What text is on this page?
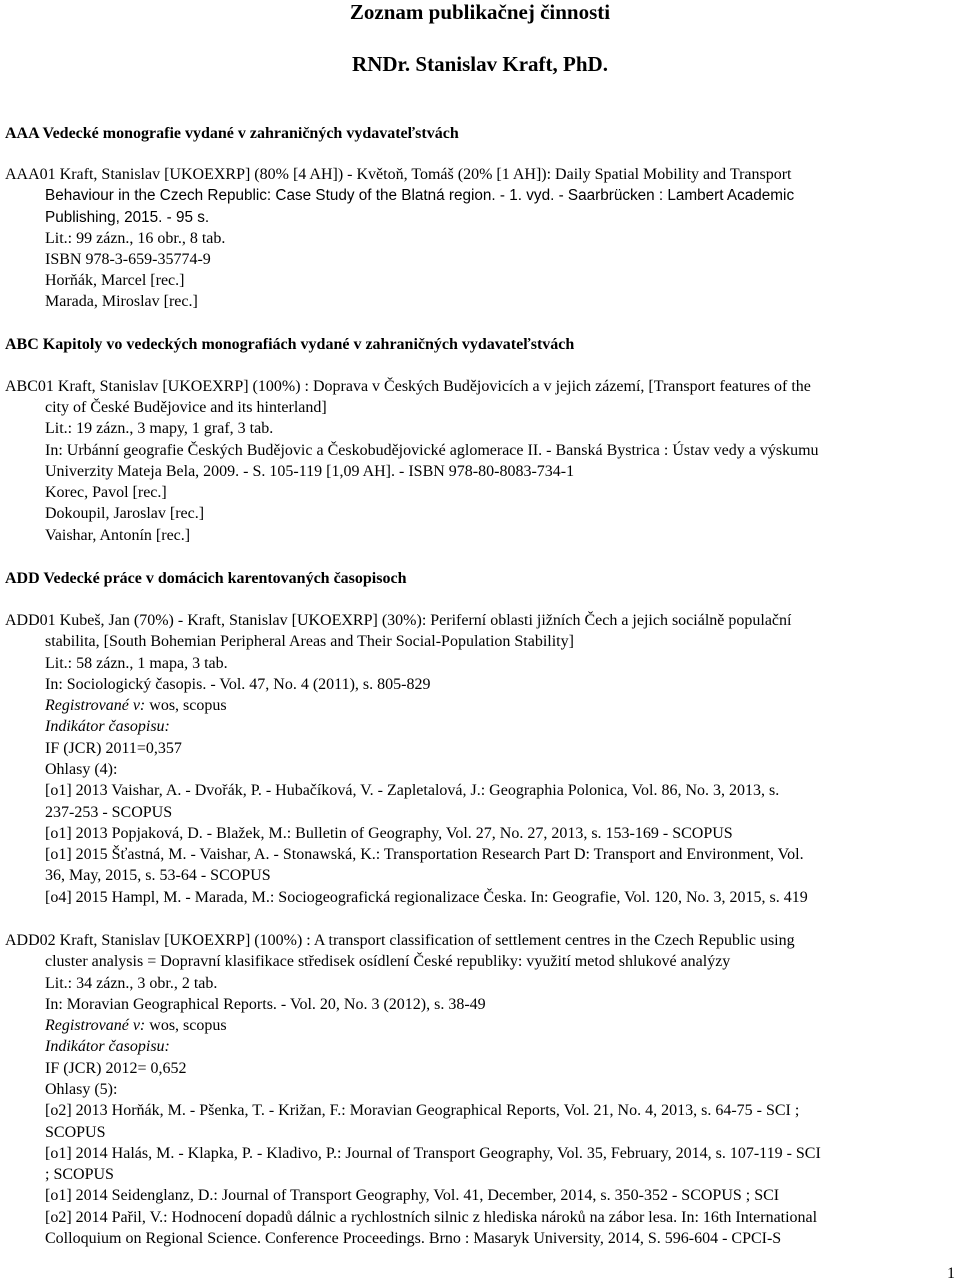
Zoznam publikačnej činnosti
RNDr. Stanislav Kraft, PhD.
AAA Vedecké monografie vydané v zahraničných vydavateľstvách
AAA01 Kraft, Stanislav [UKOEXRP] (80% [4 AH]) - Květoň, Tomáš (20% [1 AH]): Daily Spatial Mobility and Transport
Behaviour in the Czech Republic: Case Study of the Blatná region. - 1. vyd. - Saarbrücken : Lambert Academic
Publishing, 2015. - 95 s.
Lit.: 99 zázn., 16 obr., 8 tab.
ISBN 978-3-659-35774-9
Horňák, Marcel [rec.]
Marada, Miroslav [rec.]
ABC Kapitoly vo vedeckých monografiách vydané v zahraničných vydavateľstvách
ABC01 Kraft, Stanislav [UKOEXRP] (100%) : Doprava v Českých Budějovicích a v jejich zázemí, [Transport features of the
city of České Budějovice and its hinterland]
Lit.: 19 zázn., 3 mapy, 1 graf, 3 tab.
In: Urbánní geografie Českých Budějovic a Českobudějovické aglomerace II. - Banská Bystrica : Ústav vedy a výskumu
Univerzity Mateja Bela, 2009. - S. 105-119 [1,09 AH]. - ISBN 978-80-8083-734-1
Korec, Pavol [rec.]
Dokoupil, Jaroslav [rec.]
Vaishar, Antonín [rec.]
ADD Vedecké práce v domácich karentovaných časopisoch
ADD01 Kubeš, Jan (70%) - Kraft, Stanislav [UKOEXRP] (30%): Periferní oblasti jižních Čech a jejich sociálně populační
stabilita, [South Bohemian Peripheral Areas and Their Social-Population Stability]
Lit.: 58 zázn., 1 mapa, 3 tab.
In: Sociologický časopis. - Vol. 47, No. 4 (2011), s. 805-829
Registrované v: wos, scopus
Indikátor časopisu:
IF (JCR) 2011=0,357
Ohlasy (4):
[o1] 2013 Vaishar, A. - Dvořák, P. - Hubačíková, V. - Zapletalová, J.: Geographia Polonica, Vol. 86, No. 3, 2013, s.
237-253 - SCOPUS
[o1] 2013 Popjaková, D. - Blažek, M.: Bulletin of Geography, Vol. 27, No. 27, 2013, s. 153-169 - SCOPUS
[o1] 2015 Šťastná, M. - Vaishar, A. - Stonawská, K.: Transportation Research Part D: Transport and Environment, Vol.
36, May, 2015, s. 53-64 - SCOPUS
[o4] 2015 Hampl, M. - Marada, M.: Sociogeografická regionalizace Česka. In: Geografie, Vol. 120, No. 3, 2015, s. 419
ADD02 Kraft, Stanislav [UKOEXRP] (100%) : A transport classification of settlement centres in the Czech Republic using
cluster analysis = Dopravní klasifikace středisek osídlení České republiky: využití metod shlukové analýzy
Lit.: 34 zázn., 3 obr., 2 tab.
In: Moravian Geographical Reports. - Vol. 20, No. 3 (2012), s. 38-49
Registrované v: wos, scopus
Indikátor časopisu:
IF (JCR) 2012= 0,652
Ohlasy (5):
[o2] 2013 Horňák, M. - Pšenka, T. - Križan, F.: Moravian Geographical Reports, Vol. 21, No. 4, 2013, s. 64-75 - SCI ;
SCOPUS
[o1] 2014 Halás, M. - Klapka, P. - Kladivo, P.: Journal of Transport Geography, Vol. 35, February, 2014, s. 107-119 - SCI
; SCOPUS
[o1] 2014 Seidenglanz, D.: Journal of Transport Geography, Vol. 41, December, 2014, s. 350-352 - SCOPUS ; SCI
[o2] 2014 Pařil, V.: Hodnocení dopadů dálnic a rychlostních silnic z hlediska nároků na zábor lesa. In: 16th International
Colloquium on Regional Science. Conference Proceedings. Brno : Masaryk University, 2014, S. 596-604 - CPCI-S
1
